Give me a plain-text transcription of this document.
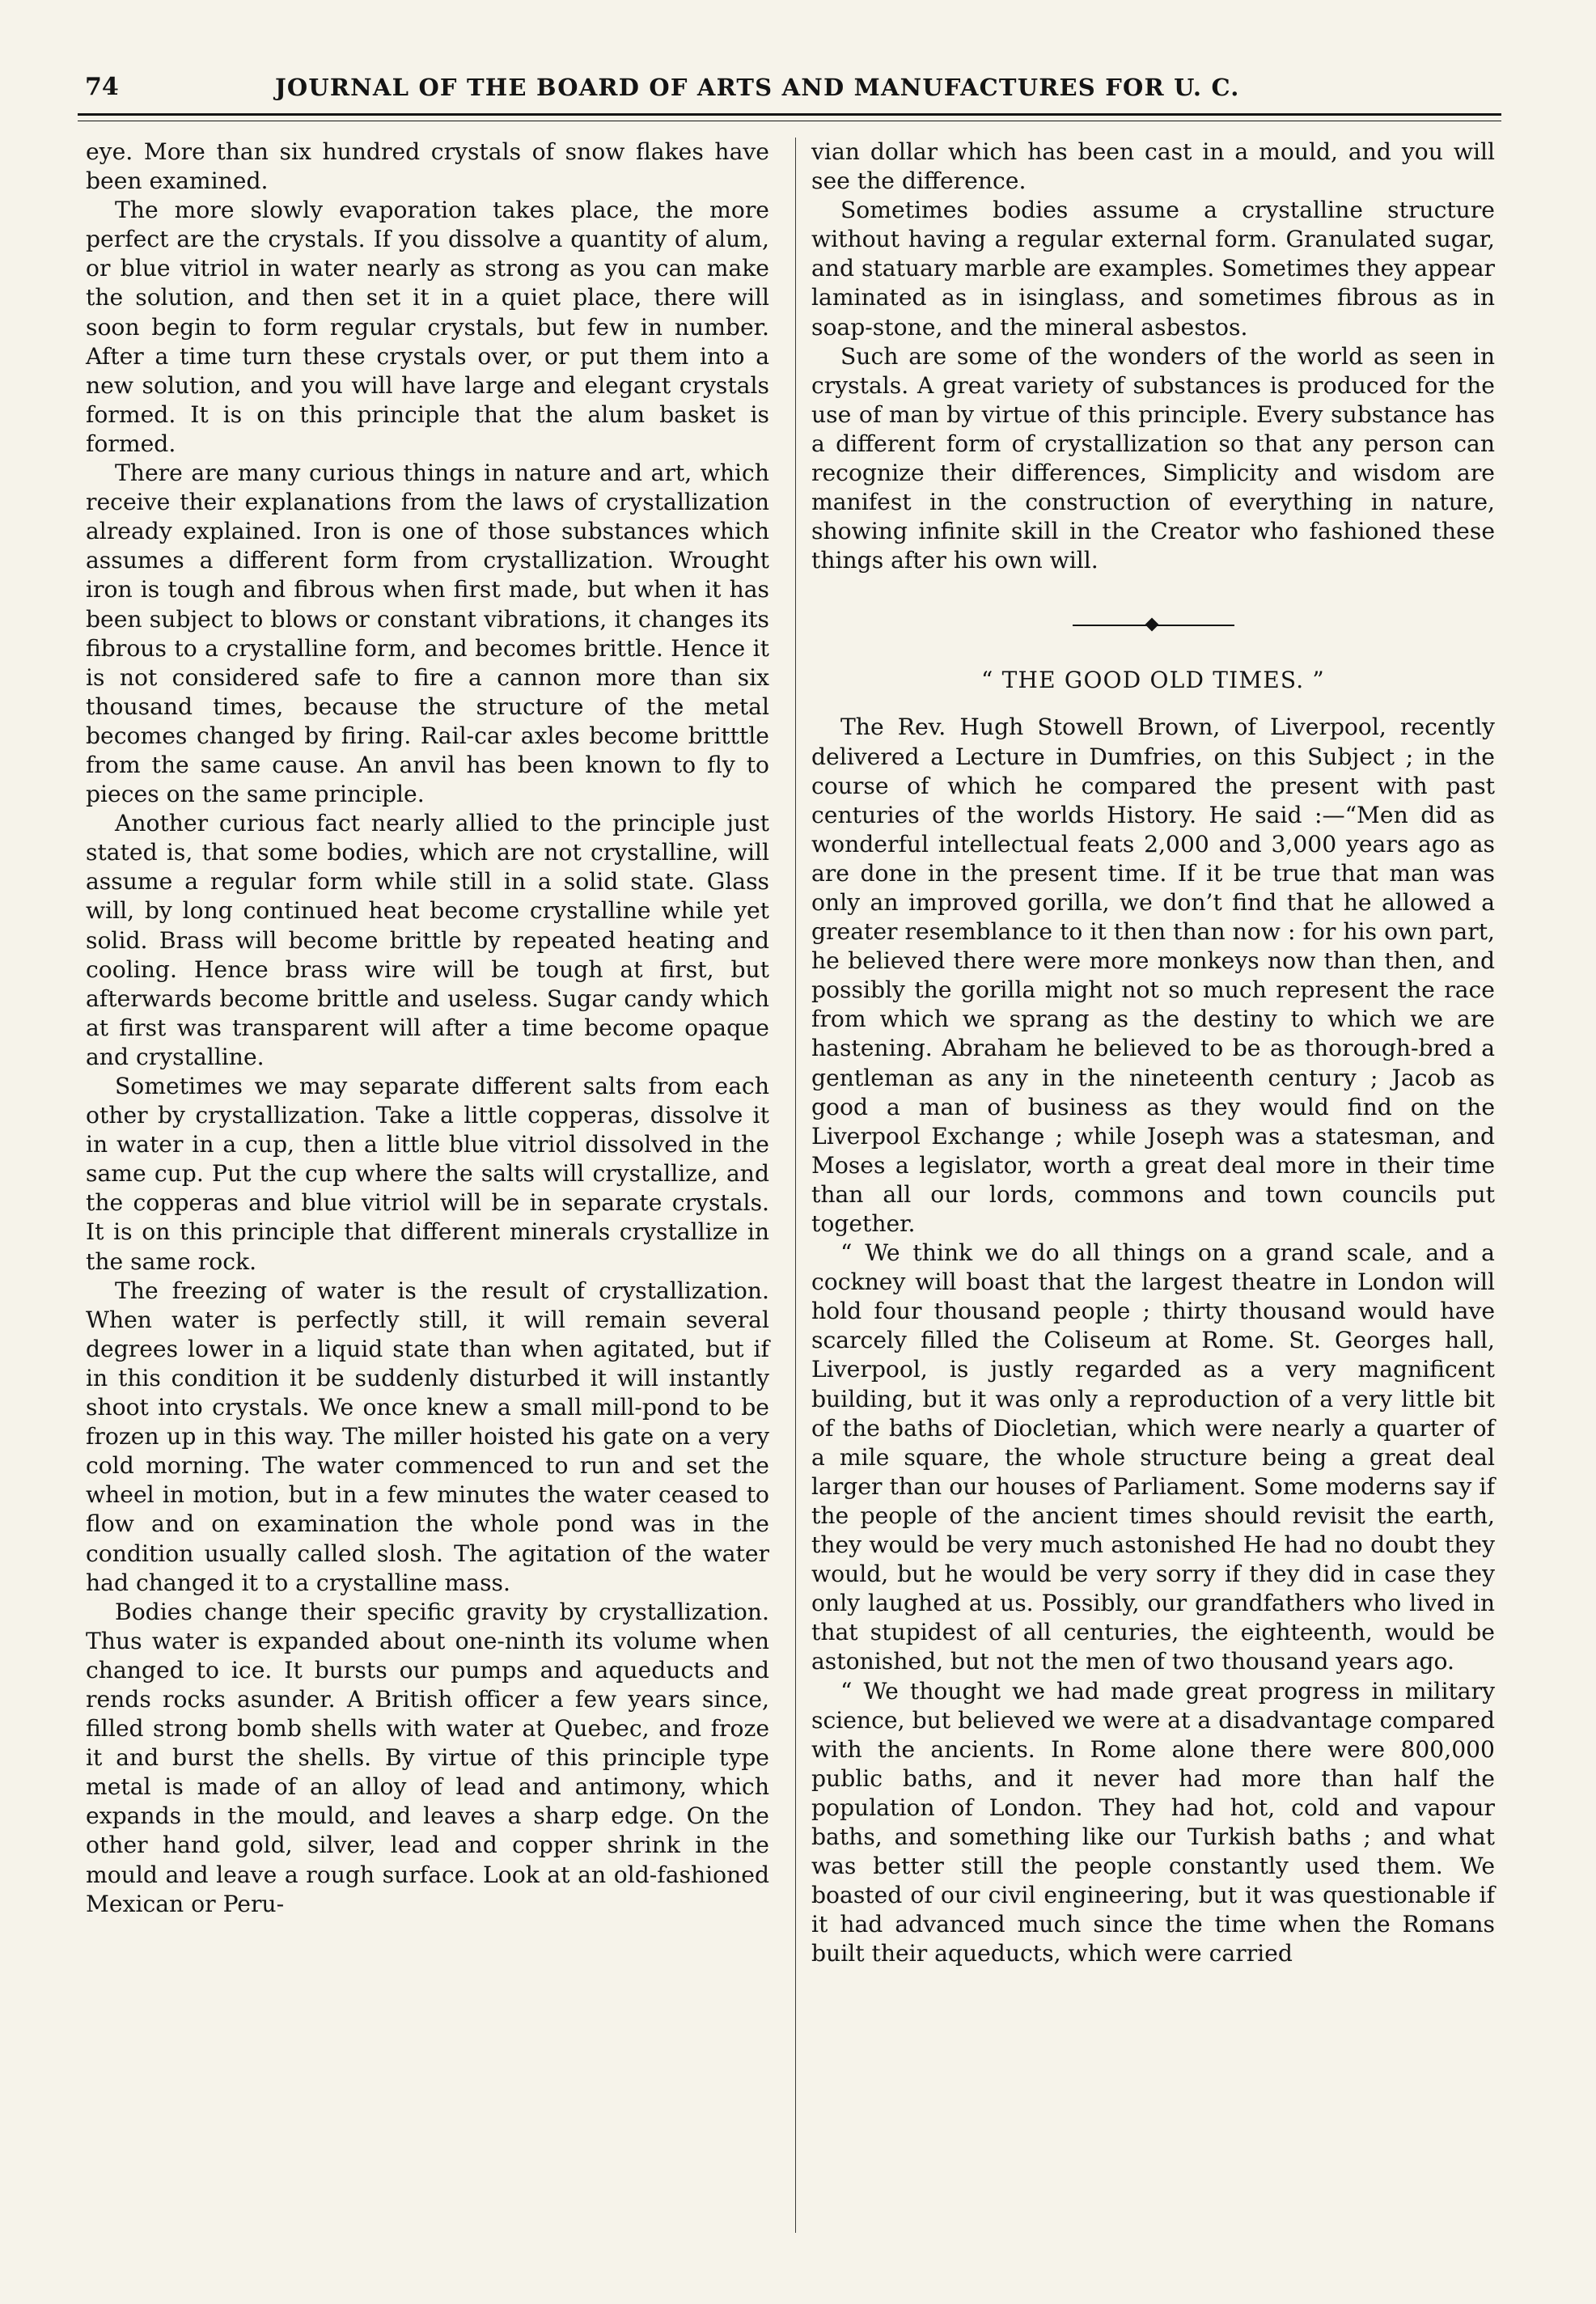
74	JOURNAL OF THE BOARD OF ARTS AND MANUFACTURES FOR U. C.

eye. More than six hundred crystals of snow flakes have been examined.

The more slowly evaporation takes place, the more perfect are the crystals. If you dissolve a quantity of alum, or blue vitriol in water nearly as strong as you can make the solution, and then set it in a quiet place, there will soon begin to form regular crystals, but few in number. After a time turn these crystals over, or put them into a new solution, and you will have large and elegant crystals formed. It is on this principle that the alum basket is formed.

There are many curious things in nature and art, which receive their explanations from the laws of crystallization already explained. Iron is one of those substances which assumes a different form from crystallization. Wrought iron is tough and fibrous when first made, but when it has been subject to blows or constant vibrations, it changes its fibrous to a crystalline form, and becomes brittle. Hence it is not considered safe to fire a cannon more than six thousand times, because the structure of the metal becomes changed by firing. Rail-car axles become britttle from the same cause. An anvil has been known to fly to pieces on the same principle.

Another curious fact nearly allied to the principle just stated is, that some bodies, which are not crystalline, will assume a regular form while still in a solid state. Glass will, by long continued heat become crystalline while yet solid. Brass will become brittle by repeated heating and cooling. Hence brass wire will be tough at first, but afterwards become brittle and useless. Sugar candy which at first was transparent will after a time become opaque and crystalline.

Sometimes we may separate different salts from each other by crystallization. Take a little copperas, dissolve it in water in a cup, then a little blue vitriol dissolved in the same cup. Put the cup where the salts will crystallize, and the copperas and blue vitriol will be in separate crystals. It is on this principle that different minerals crystallize in the same rock.

The freezing of water is the result of crystallization. When water is perfectly still, it will remain several degrees lower in a liquid state than when agitated, but if in this condition it be suddenly disturbed it will instantly shoot into crystals. We once knew a small mill-pond to be frozen up in this way. The miller hoisted his gate on a very cold morning. The water commenced to run and set the wheel in motion, but in a few minutes the water ceased to flow and on examination the whole pond was in the condition usually called slosh. The agitation of the water had changed it to a crystalline mass.

Bodies change their specific gravity by crystallization. Thus water is expanded about one-ninth its volume when changed to ice. It bursts our pumps and aqueducts and rends rocks asunder. A British officer a few years since, filled strong bomb shells with water at Quebec, and froze it and burst the shells. By virtue of this principle type metal is made of an alloy of lead and antimony, which expands in the mould, and leaves a sharp edge. On the other hand gold, silver, lead and copper shrink in the mould and leave a rough surface. Look at an old-fashioned Mexican or Peru-

vian dollar which has been cast in a mould, and you will see the difference.

Sometimes bodies assume a crystalline structure without having a regular external form. Granulated sugar, and statuary marble are examples. Sometimes they appear laminated as in isinglass, and sometimes fibrous as in soap-stone, and the mineral asbestos.

Such are some of the wonders of the world as seen in crystals. A great variety of substances is produced for the use of man by virtue of this principle. Every substance has a different form of crystallization so that any person can recognize their differences, Simplicity and wisdom are manifest in the construction of everything in nature, showing infinite skill in the Creator who fashioned these things after his own will.

“ THE GOOD OLD TIMES. ”

The Rev. Hugh Stowell Brown, of Liverpool, recently delivered a Lecture in Dumfries, on this Subject ; in the course of which he compared the present with past centuries of the worlds History. He said :—“Men did as wonderful intellectual feats 2,000 and 3,000 years ago as are done in the present time. If it be true that man was only an improved gorilla, we don’t find that he allowed a greater resemblance to it then than now : for his own part, he believed there were more monkeys now than then, and possibly the gorilla might not so much represent the race from which we sprang as the destiny to which we are hastening. Abraham he believed to be as thorough-bred a gentleman as any in the nineteenth century ; Jacob as good a man of business as they would find on the Liverpool Exchange ; while Joseph was a statesman, and Moses a legislator, worth a great deal more in their time than all our lords, commons and town councils put together.

“ We think we do all things on a grand scale, and a cockney will boast that the largest theatre in London will hold four thousand people ; thirty thousand would have scarcely filled the Coliseum at Rome. St. Georges hall, Liverpool, is justly regarded as a very magnificent building, but it was only a reproduction of a very little bit of the baths of Diocletian, which were nearly a quarter of a mile square, the whole structure being a great deal larger than our houses of Parliament. Some moderns say if the people of the ancient times should revisit the earth, they would be very much astonished He had no doubt they would, but he would be very sorry if they did in case they only laughed at us. Possibly, our grandfathers who lived in that stupidest of all centuries, the eighteenth, would be astonished, but not the men of two thousand years ago.

“ We thought we had made great progress in military science, but believed we were at a disadvantage compared with the ancients. In Rome alone there were 800,000 public baths, and it never had more than half the population of London. They had hot, cold and vapour baths, and something like our Turkish baths ; and what was better still the people constantly used them. We boasted of our civil engineering, but it was questionable if it had advanced much since the time when the Romans built their aqueducts, which were carried
